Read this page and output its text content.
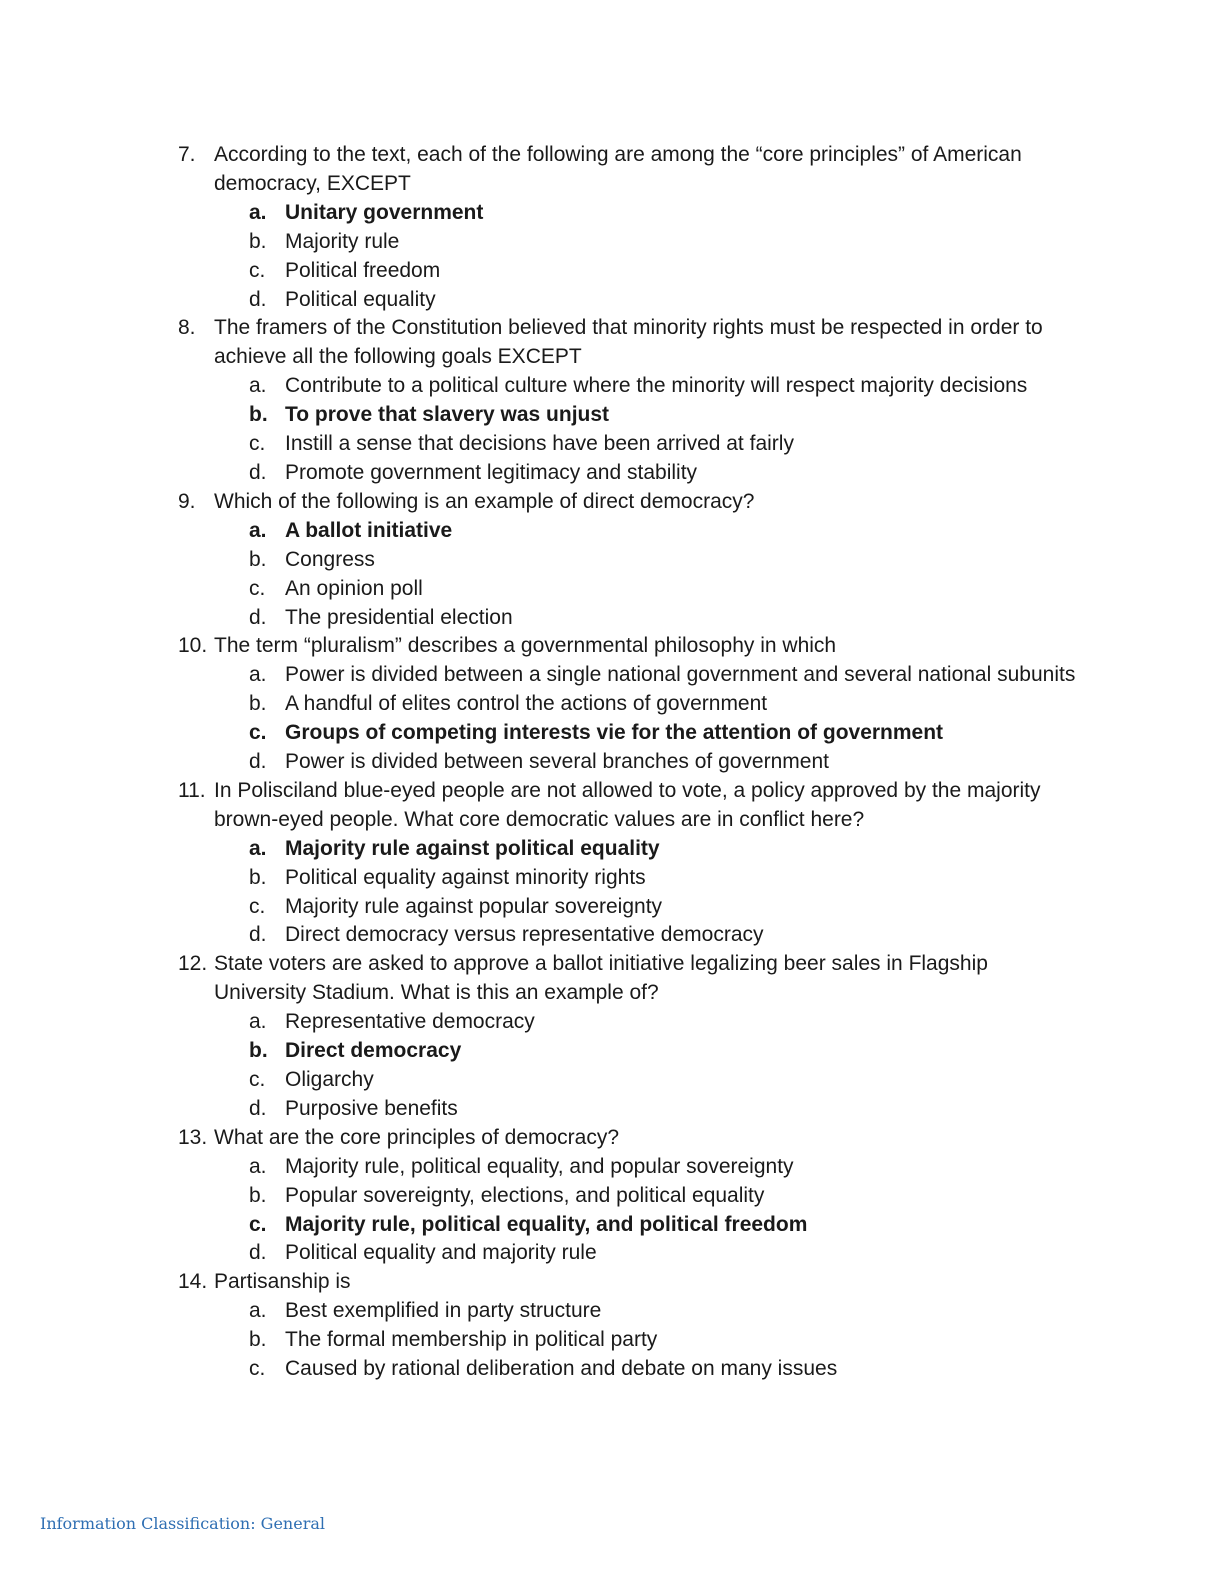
7. According to the text, each of the following are among the “core principles” of American democracy, EXCEPT
a. Unitary government
b. Majority rule
c. Political freedom
d. Political equality
8. The framers of the Constitution believed that minority rights must be respected in order to achieve all the following goals EXCEPT
a. Contribute to a political culture where the minority will respect majority decisions
b. To prove that slavery was unjust
c. Instill a sense that decisions have been arrived at fairly
d. Promote government legitimacy and stability
9. Which of the following is an example of direct democracy?
a. A ballot initiative
b. Congress
c. An opinion poll
d. The presidential election
10. The term “pluralism” describes a governmental philosophy in which
a. Power is divided between a single national government and several national subunits
b. A handful of elites control the actions of government
c. Groups of competing interests vie for the attention of government
d. Power is divided between several branches of government
11. In Polisciland blue-eyed people are not allowed to vote, a policy approved by the majority brown-eyed people. What core democratic values are in conflict here?
a. Majority rule against political equality
b. Political equality against minority rights
c. Majority rule against popular sovereignty
d. Direct democracy versus representative democracy
12. State voters are asked to approve a ballot initiative legalizing beer sales in Flagship University Stadium. What is this an example of?
a. Representative democracy
b. Direct democracy
c. Oligarchy
d. Purposive benefits
13. What are the core principles of democracy?
a. Majority rule, political equality, and popular sovereignty
b. Popular sovereignty, elections, and political equality
c. Majority rule, political equality, and political freedom
d. Political equality and majority rule
14. Partisanship is
a. Best exemplified in party structure
b. The formal membership in political party
c. Caused by rational deliberation and debate on many issues
Information Classification: General
